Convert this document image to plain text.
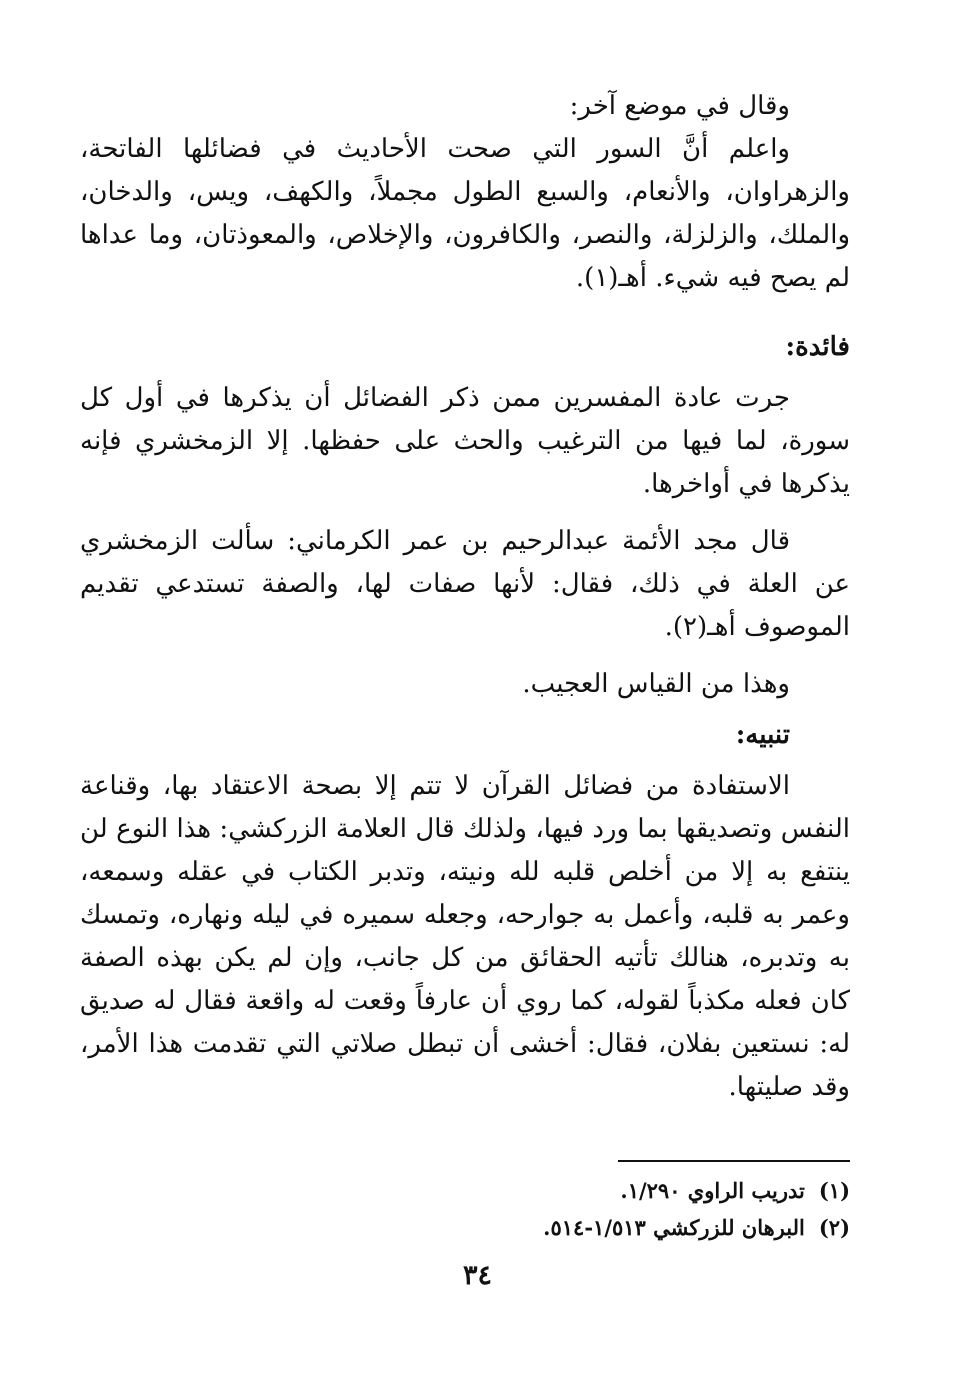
وقال في موضع آخر:

واعلم أنَّ السور التي صحت الأحاديث في فضائلها الفاتحة، والزهراوان، والأنعام، والسبع الطول مجملاً، والكهف، ويس، والدخان، والملك، والزلزلة، والنصر، والكافرون، والإخلاص، والمعوذتان، وما عداها لم يصح فيه شيء. أهـ(١).

فائدة:

جرت عادة المفسرين ممن ذكر الفضائل أن يذكرها في أول كل سورة، لما فيها من الترغيب والحث على حفظها. إلا الزمخشري فإنه يذكرها في أواخرها.

قال مجد الأئمة عبدالرحيم بن عمر الكرماني: سألت الزمخشري عن العلة في ذلك، فقال: لأنها صفات لها، والصفة تستدعي تقديم الموصوف أهـ(٢).

وهذا من القياس العجيب.

تنبيه:

الاستفادة من فضائل القرآن لا تتم إلا بصحة الاعتقاد بها، وقناعة النفس وتصديقها بما ورد فيها، ولذلك قال العلامة الزركشي: هذا النوع لن ينتفع به إلا من أخلص قلبه لله ونيته، وتدبر الكتاب في عقله وسمعه، وعمر به قلبه، وأعمل به جوارحه، وجعله سميره في ليله ونهاره، وتمسك به وتدبره، هنالك تأتيه الحقائق من كل جانب، وإن لم يكن بهذه الصفة كان فعله مكذباً لقوله، كما روي أن عارفاً وقعت له واقعة فقال له صديق له: نستعين بفلان، فقال: أخشى أن تبطل صلاتي التي تقدمت هذا الأمر، وقد صليتها.

(١)تدريب الراوي ١/٢٩٠.

(٢)البرهان للزركشي ١/٥١٣-٥١٤.

٣٤
